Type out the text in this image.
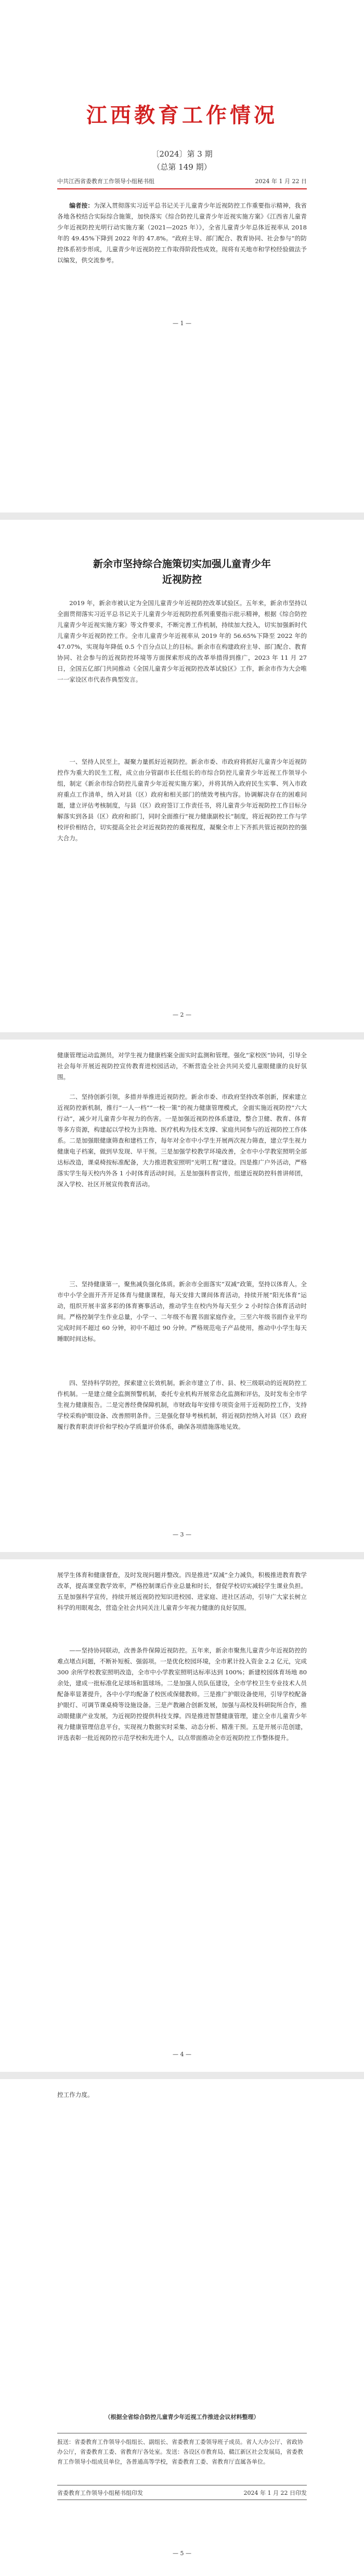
江西教育工作情况
〔2024〕第 3 期
（总第 149 期）
中共江西省委教育工作领导小组秘书组	2024 年 1 月 22 日
编者按：为深入贯彻落实习近平总书记关于儿童青少年近视防控工作重要指示精神，我省各地各校结合实际综合施策，加快落实《综合防控儿童青少年近视实施方案》《江西省儿童青少年近视防控光明行动实施方案（2021—2025 年）》，全省儿童青少年总体近视率从 2018 年的 49.45%下降到 2022 年的 47.8%。“政府主导、部门配合、教育协同、社会参与”的防控体系初步形成，儿童青少年近视防控工作取得阶段性成效。现将有关地市和学校经验做法予以编发，供交流参考。
— 1 —
新余市坚持综合施策切实加强儿童青少年
近视防控
2019 年，新余市被认定为全国儿童青少年近视防控改革试验区。五年来，新余市坚持以全面贯彻落实习近平总书记关于儿童青少年近视防控系列重要指示批示精神，根据《综合防控儿童青少年近视实施方案》等文件要求，不断完善工作机制，持续加大投入，切实加强新时代儿童青少年近视防控工作。全市儿童青少年近视率从 2019 年的 56.65%下降至 2022 年的 47.07%，实现每年降低 0.5 个百分点以上的目标。新余市在构建政府主导、部门配合、教育协同、社会参与的近视防控环境等方面探索形成的改革举措得到推广，2023 年 11 月 27 日，全国五亿部门共同推动《全国儿童青少年近视防控改革试验区》工作，新余市作为大会唯一一家设区市代表作典型发言。
一、坚持人民至上，凝聚力量抓好近视防控。新余市委、市政府将抓好儿童青少年近视防控作为重大的民生工程，成立由分管副市长任组长的市综合防控儿童青少年近视工作领导小组，制定《新余市综合防控儿童青少年近视实施方案》，并将其纳入政府民生实事、列入市政府重点工作清单，纳入对县（区）政府和相关部门的绩效考核内容。协调解决存在的困难问题，建立评估考核制度，与县（区）政府签订工作责任书，将儿童青少年近视防控工作目标分解落实到各县（区）政府和部门，同时全面推行“视力健康副校长”制度，将近视防控工作与学校评价相结合，切实提高全社会对近视防控的重视程度，凝聚全市上下齐抓共管近视防控的强大合力。
— 2 —
健康管理运动监测员，对学生视力健康档案全面实时监测和管理。强化“家校医”协同，引导全社会每年开展近视防控宣传教育进校园活动，不断营造全社会共同关爱儿童眼健康的良好氛围。
二、坚持创新引领，多措并举推进近视防控。新余市委、市政府坚持改革创新，探索建立近视防控新机制，推行“一人一档”“一校一策”的视力健康管理模式，全面实施近视防控“六大行动”，减少对儿童青少年视力的伤害。一是加强近视防控体系建设，整合卫健、教育、体育等多方资源，构建起以学校为主阵地、医疗机构为技术支撑、家庭共同参与的近视防控工作体系。二是加强眼健康筛查和建档工作，每年对全市中小学生开展两次视力筛查，建立学生视力健康电子档案，做到早发现、早干预。三是加强学校教学环境改善，全市中小学教室照明全部达标改造，课桌椅按标准配备，大力推进教室照明“光明工程”建设。四是推广户外活动，严格落实学生每天校内外各 1 小时体育活动时间。五是加强科普宣传，组建近视防控科普讲师团，深入学校、社区开展宣传教育活动。
三、坚持健康第一，聚焦减负强化体质。新余市全面落实“双减”政策，坚持以体育人。全市中小学全面开齐开足体育与健康课程，每天安排大课间体育活动，持续开展“阳光体育”运动，组织开展丰富多彩的体育赛事活动，推动学生在校内外每天至少 2 小时综合体育活动时间。严格控制学生作业总量，小学一、二年级不布置书面家庭作业，三至六年级书面作业平均完成时间不超过 60 分钟，初中不超过 90 分钟。严格规范电子产品使用，推动中小学生每天睡眠时间达标。
四、坚持科学防控，探索建立长效机制。新余市建立了市、县、校三级联动的近视防控工作机制。一是建立健全监测预警机制，委托专业机构开展常态化监测和评估，及时发布全市学生视力健康报告。二是完善经费保障机制，市财政每年安排专项资金用于近视防控工作，支持学校采购护眼设备、改善照明条件。三是强化督导考核机制，将近视防控纳入对县（区）政府履行教育职责评价和学校办学质量评价体系，确保各项措施落地见效。
— 3 —
展学生体育和健康督查，及时发现问题并整改。四是推进“双减”全力减负，积极推进教育教学改革，提高课堂教学效率，严格控制课后作业总量和时长，督促学校切实减轻学生课业负担。五是加强科学宣传，持续开展近视防控知识进校园、进家庭、进社区活动，引导广大家长树立科学的用眼观念，营造全社会共同关注儿童青少年视力健康的良好氛围。
——坚持协同联动，改善条件保障近视防控。五年来，新余市聚焦儿童青少年近视防控的难点堵点问题，不断补短板、强弱项。一是优化校园环境，全市累计投入资金 2.2 亿元，完成 300 余所学校教室照明改造，全市中小学教室照明达标率达到 100%；新建校园体育场地 80 余处，建成一批标准化足球场和篮球场。二是加强人员队伍建设，全市学校卫生专业技术人员配备率显著提升，各中小学均配备了校医或保健教师。三是推广护眼设备使用，引导学校配备护眼灯、可调节课桌椅等设施设备。三是产教融合创新发展，加强与高校及科研院所合作，推动眼健康产业发展，为近视防控提供科技支撑。四是推进智慧健康管理，建立全市儿童青少年视力健康管理信息平台，实现视力数据实时采集、动态分析、精准干预。五是开展示范创建，评选表彰一批近视防控示范学校和先进个人，以点带面推动全市近视防控工作整体提升。
— 4 —
控工作力度。
（根据全省综合防控儿童青少年近视工作推进会议材料整理）
报送：省委教育工作领导小组组长、副组长、省委教育工委领导班子成员。省人大办公厅、省政协办公厅，省委教育工委、省教育厅各处室。发送：各设区市教育局、赣江新区社会发展局，省委教育工作领导小组成员单位，各普通高等学校，省委教育工委、省教育厅直属各单位。
省委教育工作领导小组秘书组印发	2024 年 1 月 22 日印发
— 5 —
